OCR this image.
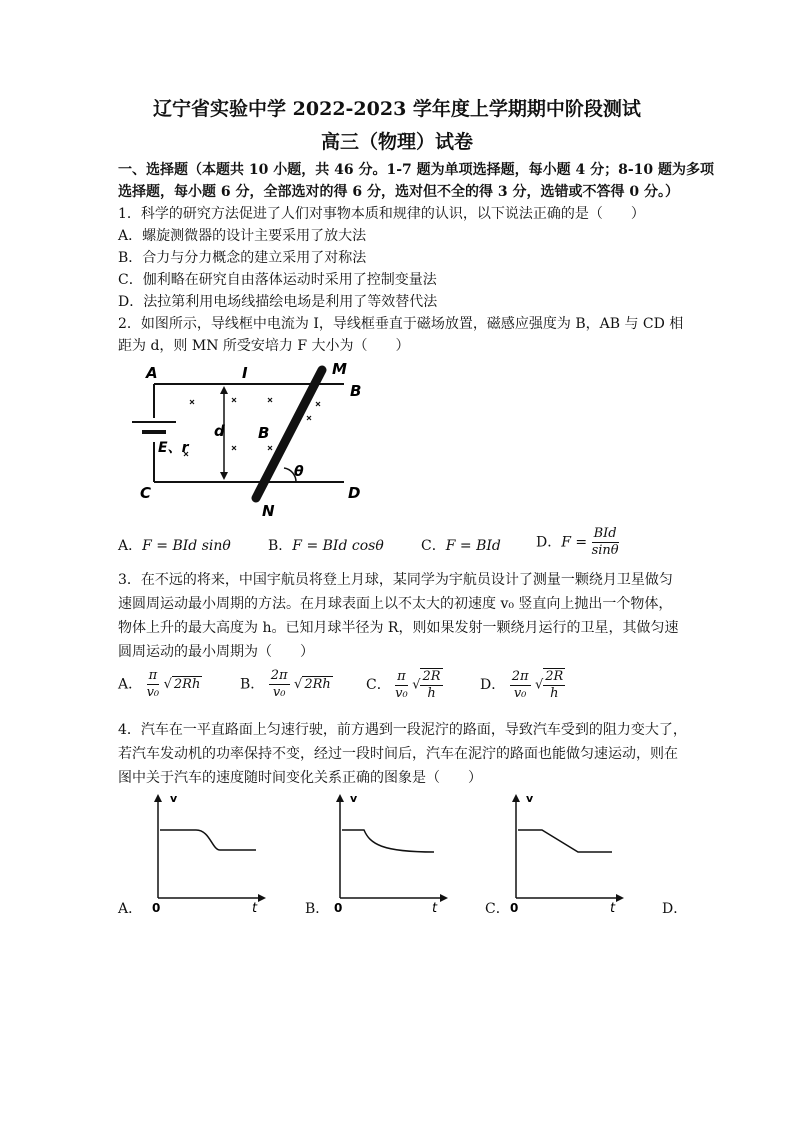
辽宁省实验中学 2022-2023 学年度上学期期中阶段测试
高三（物理）试卷
一、选择题（本题共 10 小题，共 46 分。1-7 题为单项选择题，每小题 4 分；8-10 题为多项
选择题，每小题 6 分，全部选对的得 6 分，选对但不全的得 3 分，选错或不答得 0 分。）
1．科学的研究方法促进了人们对事物本质和规律的认识，以下说法正确的是（　　）
A．螺旋测微器的设计主要采用了放大法
B．合力与分力概念的建立采用了对称法
C．伽利略在研究自由落体运动时采用了控制变量法
D．法拉第利用电场线描绘电场是利用了等效替代法
2．如图所示，导线框中电流为 I，导线框垂直于磁场放置，磁感应强度为 B，AB 与 CD 相
距为 d，则 MN 所受安培力 F 大小为（　　）
A	I	M
B
d B
E、r
θ
C	D
N
A．F = BId sinθ	B．F = BId cosθ	C．F = BId	D．$F = \frac{\text{BId}}{\sin\theta}$
3．在不远的将来，中国宇航员将登上月球，某同学为宇航员设计了测量一颗绕月卫星做匀
速圆周运动最小周期的方法。在月球表面上以不太大的初速度 v₀ 竖直向上抛出一个物体，
物体上升的最大高度为 h。已知月球半径为 R，则如果发射一颗绕月运行的卫星，其做匀速
圆周运动的最小周期为（　　）
A． $\frac{\pi}{\text{v₀}}$ √ 2Rh	B． $\frac{2\pi}{\text{v₀}}$ √ 2Rh	C． $\frac{\pi}{\text{v₀}}$ √ $\frac{2R}{h}$	D． $\frac{2\pi}{\text{v₀}}$ √ $\frac{2R}{h}$
4．汽车在一平直路面上匀速行驶，前方遇到一段泥泞的路面，导致汽车受到的阻力变大了，
若汽车发动机的功率保持不变，经过一段时间后，汽车在泥泞的路面也能做匀速运动，则在
图中关于汽车的速度随时间变化关系正确的图象是（　　）
v
0	t
A．
v
0	t
B．
v
0	t
C．	D．
